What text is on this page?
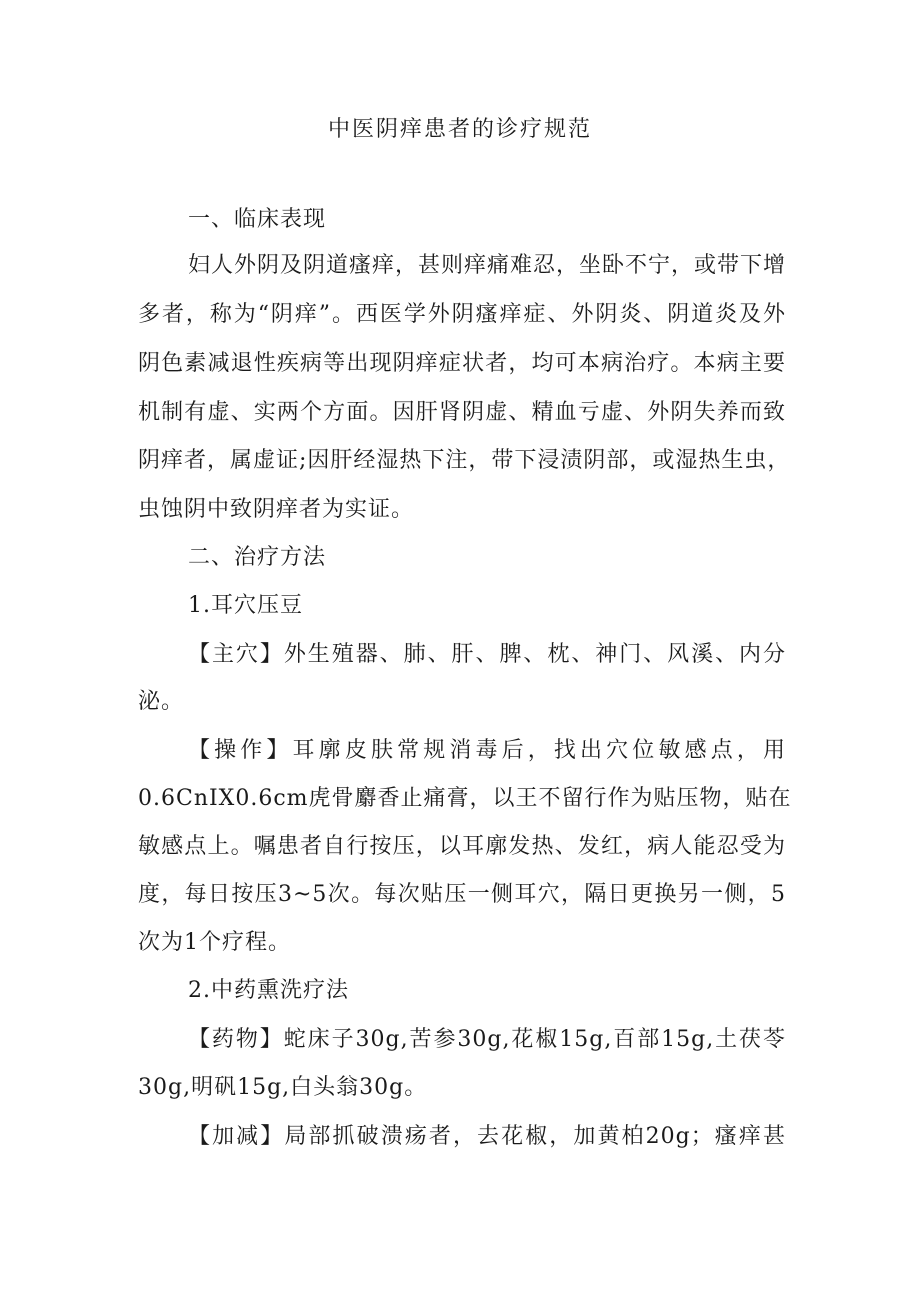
中医阴痒患者的诊疗规范
一、临床表现
妇人外阴及阴道瘙痒，甚则痒痛难忍，坐卧不宁，或带下增
多者，称为“阴痒”。西医学外阴瘙痒症、外阴炎、阴道炎及外
阴色素减退性疾病等出现阴痒症状者，均可本病治疗。本病主要
机制有虚、实两个方面。因肝肾阴虚、精血亏虚、外阴失养而致
阴痒者，属虚证;因肝经湿热下注，带下浸渍阴部，或湿热生虫，
虫蚀阴中致阴痒者为实证。
二、治疗方法
1.耳穴压豆
【主穴】外生殖器、肺、肝、脾、枕、神门、风溪、内分
泌。
【操作】耳廓皮肤常规消毒后，找出穴位敏感点，用
0.6CnIX0.6cm虎骨麝香止痛膏，以王不留行作为贴压物，贴在
敏感点上。嘱患者自行按压，以耳廓发热、发红，病人能忍受为
度，每日按压3~5次。每次贴压一侧耳穴，隔日更换另一侧，5
次为1个疗程。
2.中药熏洗疗法
【药物】蛇床子30g,苦参30g,花椒15g,百部15g,土茯苓
30g,明矾15g,白头翁30g。
【加减】局部抓破溃疡者，去花椒，加黄柏20g；瘙痒甚
